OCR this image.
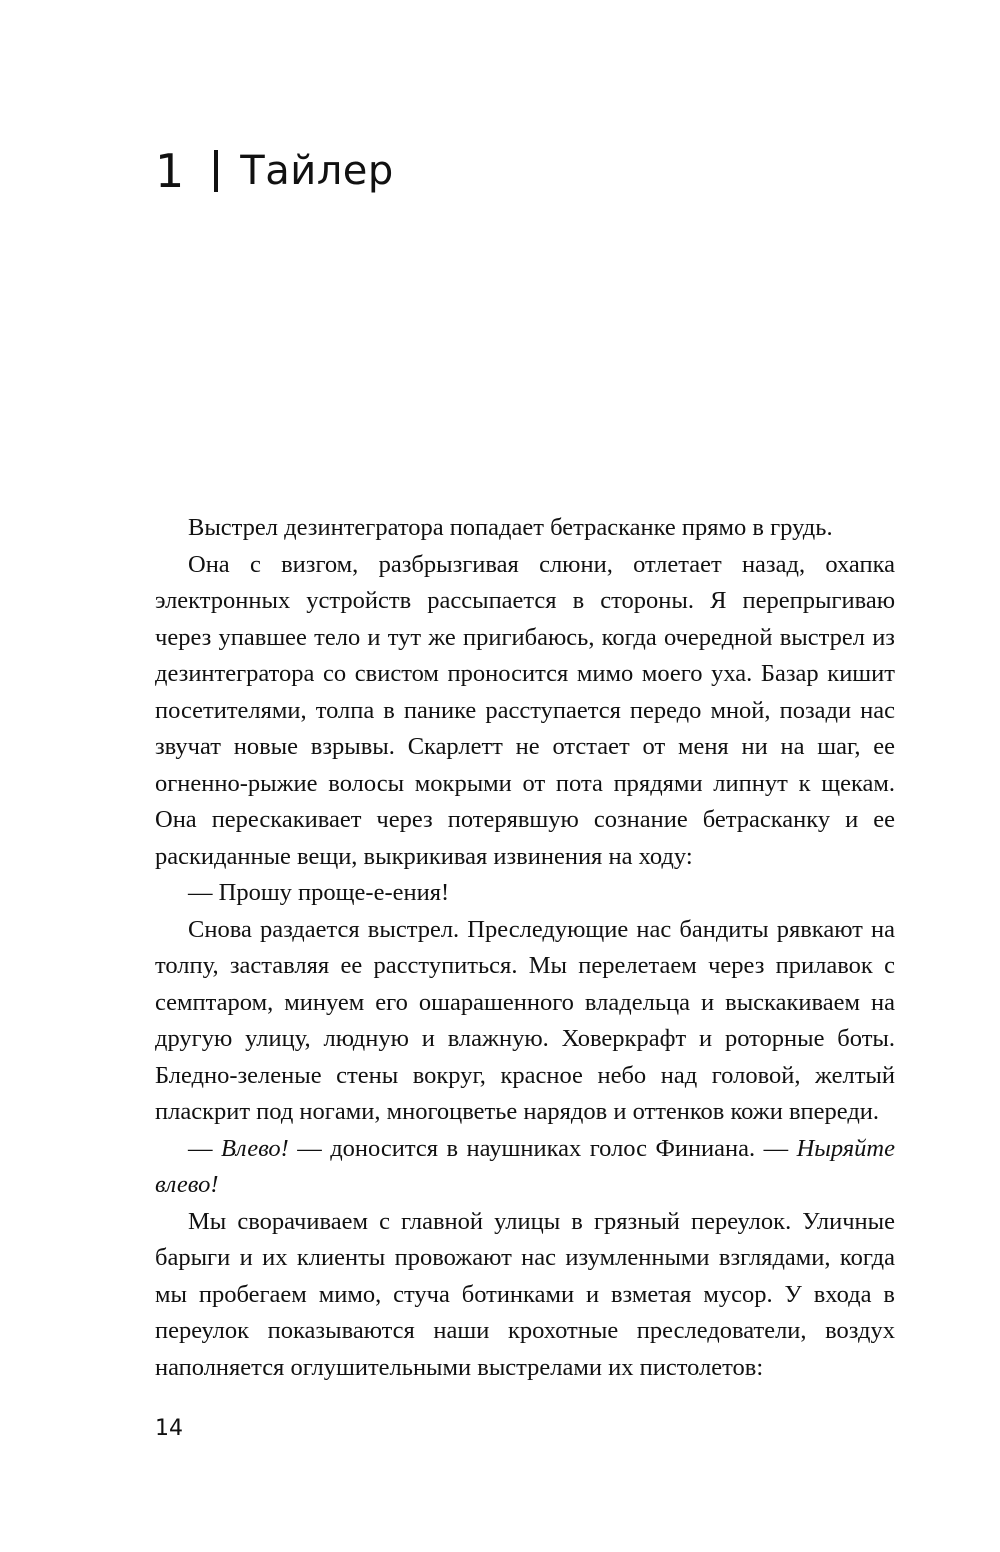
1 Тайлер

Выстрел дезинтегратора попадает бетрасканке прямо в грудь.

Она с визгом, разбрызгивая слюни, отлетает назад, охапка электронных устройств рассыпается в стороны. Я перепрыгиваю через упавшее тело и тут же пригибаюсь, когда очередной выстрел из дезинтегратора со свистом проносится мимо моего уха. Базар кишит посетителями, толпа в панике расступается передо мной, позади нас звучат новые взрывы. Скарлетт не отстает от меня ни на шаг, ее огненно-рыжие волосы мокрыми от пота прядями липнут к щекам. Она перескакивает через потерявшую сознание бетрасканку и ее раскиданные вещи, выкрикивая извинения на ходу:

— Прошу проще-е-ения!

Снова раздается выстрел. Преследующие нас бандиты рявкают на толпу, заставляя ее расступиться. Мы перелетаем через прилавок с семптаром, минуем его ошарашенного владельца и выскакиваем на другую улицу, людную и влажную. Ховеркрафт и роторные боты. Бледно-зеленые стены вокруг, красное небо над головой, желтый пласкрит под ногами, многоцветье нарядов и оттенков кожи впереди.

— Влево! — доносится в наушниках голос Финиана. — Ныряйте влево!

Мы сворачиваем с главной улицы в грязный переулок. Уличные барыги и их клиенты провожают нас изумленными взглядами, когда мы пробегаем мимо, стуча ботинками и взметая мусор. У входа в переулок показываются наши крохотные преследователи, воздух наполняется оглушительными выстрелами их пистолетов:

14
